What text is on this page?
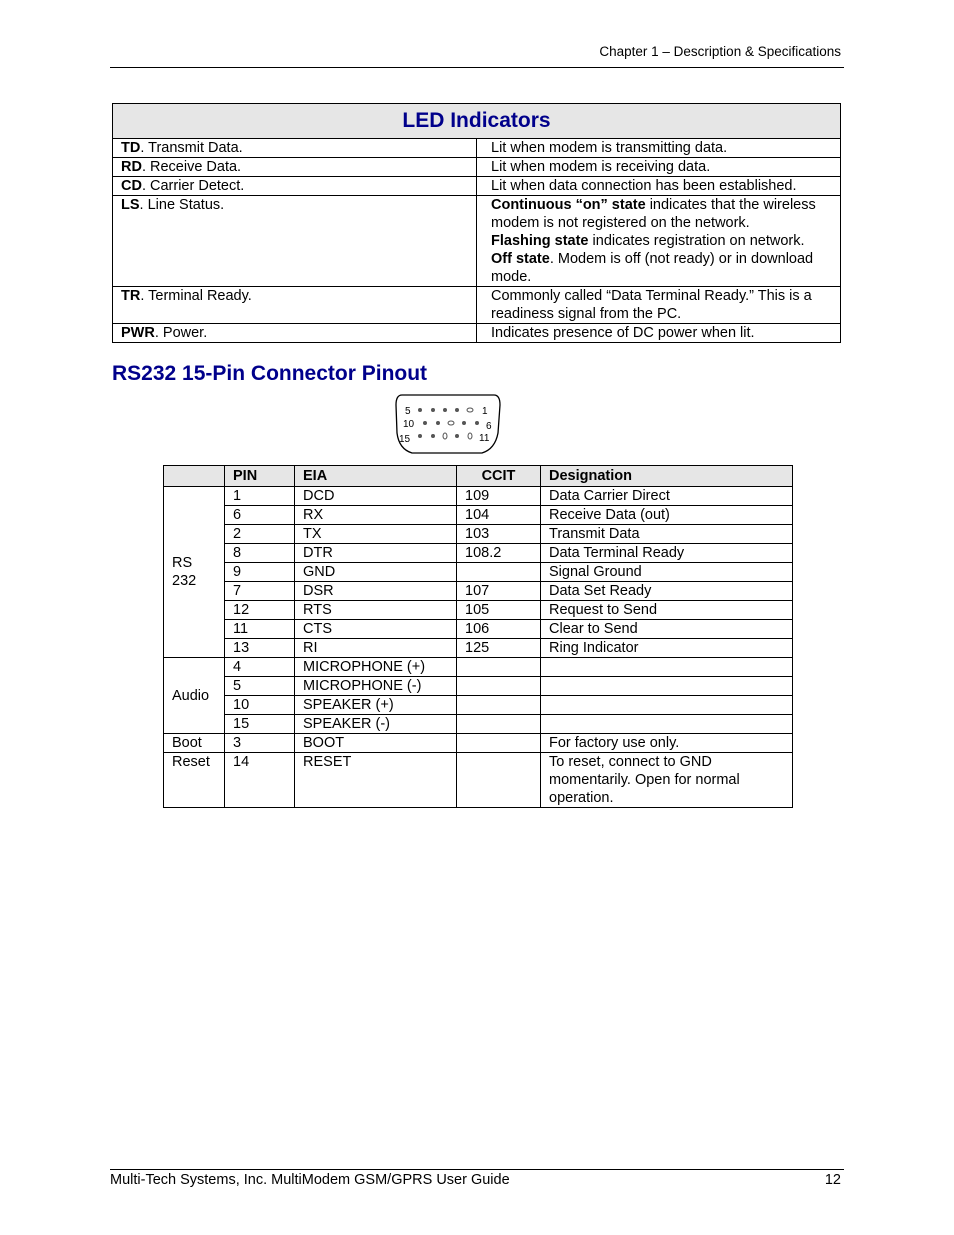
Chapter 1 – Description & Specifications
LED Indicators	
TD. Transmit Data.	Lit when modem is transmitting data.

RD. Receive Data.	Lit when modem is receiving data.

CD. Carrier Detect.	Lit when data connection has been established.

LS. Line Status.	Continuous “on” state indicates that the wireless modem is not registered on the network.
Flashing state indicates registration on network.
Off state. Modem is off (not ready) or in download mode.

TR. Terminal Ready.	Commonly called “Data Terminal Ready.” This is a readiness signal from the PC.

PWR. Power.	Indicates presence of DC power when lit.
RS232 15-Pin Connector Pinout
5	1
10	6
15	11
	PIN	EIA	CCIT	Designation
RS
232	1	DCD	109	Data Carrier Direct
	6	RX	104	Receive Data (out)
	2	TX	103	Transmit Data
	8	DTR	108.2	Data Terminal Ready
	9	GND		Signal Ground
	7	DSR	107	Data Set Ready
	12	RTS	105	Request to Send
	11	CTS	106	Clear to Send
	13	RI	125	Ring Indicator
Audio	4	MICROPHONE (+)		
	5	MICROPHONE (-)		
	10	SPEAKER (+)		
	15	SPEAKER (-)		
Boot	3	BOOT		For factory use only.
Reset	14	RESET		To reset, connect to GND momentarily. Open for normal operation.
Multi-Tech Systems, Inc. MultiModem GSM/GPRS User Guide	12
